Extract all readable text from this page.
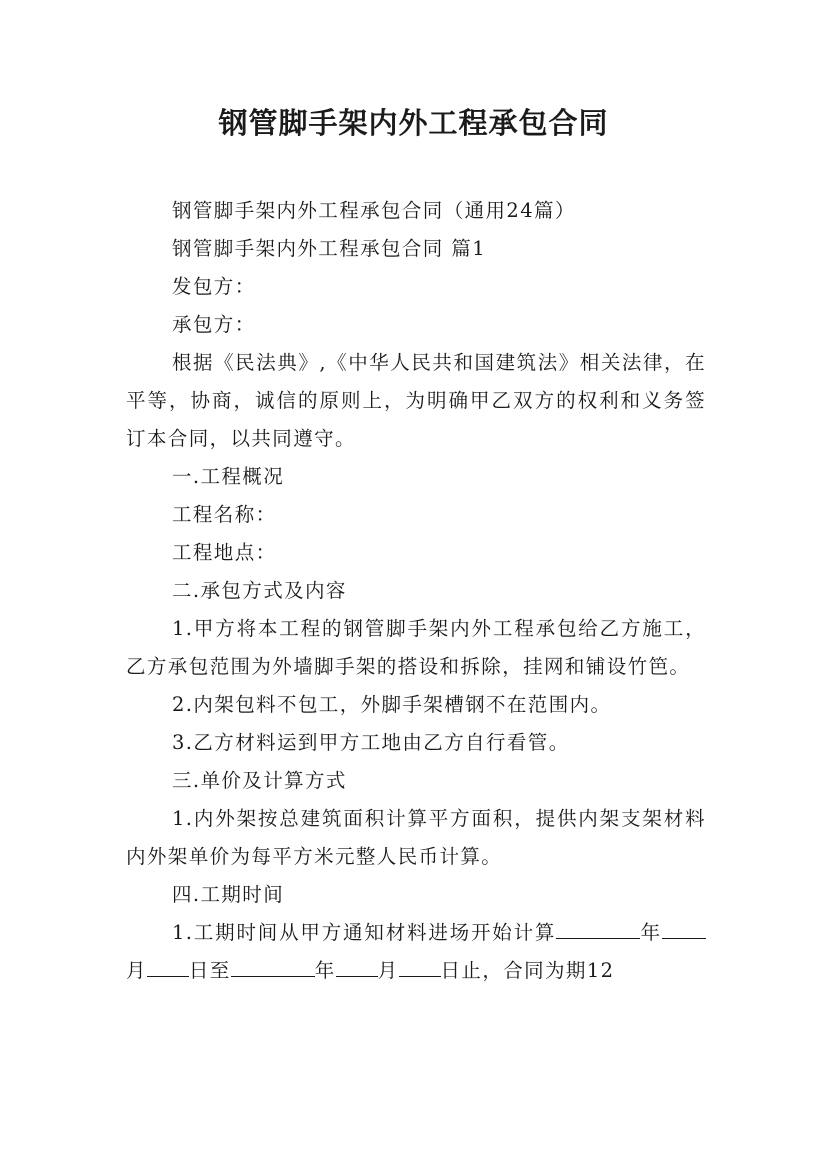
钢管脚手架内外工程承包合同

钢管脚手架内外工程承包合同（通用24篇）

钢管脚手架内外工程承包合同 篇1

发包方：

承包方：

根据《民法典》,《中华人民共和国建筑法》相关法律，在平等，协商，诚信的原则上，为明确甲乙双方的权利和义务签订本合同，以共同遵守。

一.工程概况

工程名称：

工程地点：

二.承包方式及内容

1.甲方将本工程的钢管脚手架内外工程承包给乙方施工，乙方承包范围为外墙脚手架的搭设和拆除，挂网和铺设竹笆。

2.内架包料不包工，外脚手架槽钢不在范围内。

3.乙方材料运到甲方工地由乙方自行看管。

三.单价及计算方式

1.内外架按总建筑面积计算平方面积，提供内架支架材料内外架单价为每平方米元整人民币计算。

四.工期时间

1.工期时间从甲方通知材料进场开始计算	年月 日至	年 月 日止，合同为期12
